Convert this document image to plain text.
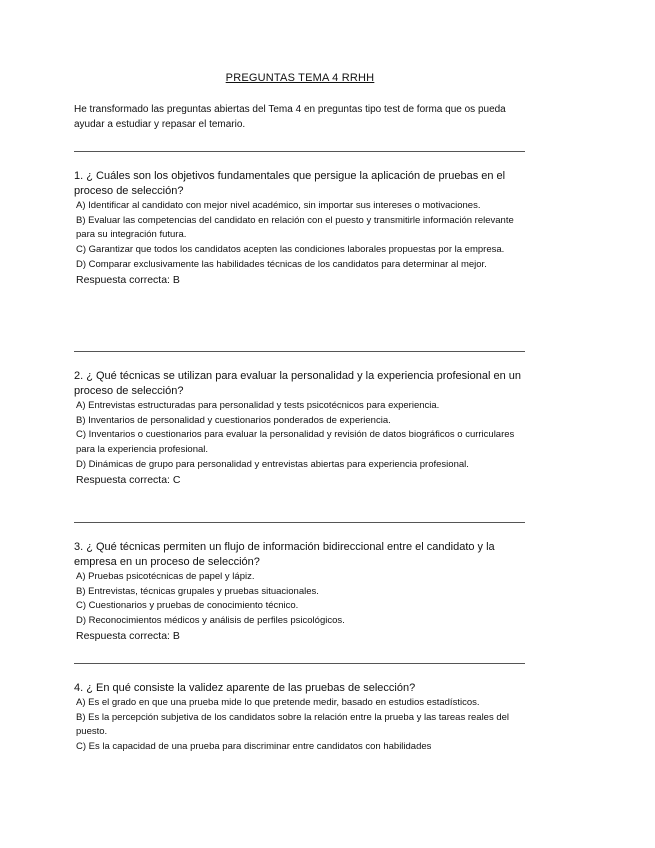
PREGUNTAS TEMA 4 RRHH
He transformado las preguntas abiertas del Tema 4 en preguntas tipo test de forma que os pueda ayudar a estudiar y repasar el temario.

1. ¿ Cuáles son los objetivos fundamentales que persigue la aplicación de pruebas en el proceso de selección?

A) Identificar al candidato con mejor nivel académico, sin importar sus intereses o motivaciones.

B) Evaluar las competencias del candidato en relación con el puesto y transmitirle información relevante para su integración futura.

C) Garantizar que todos los candidatos acepten las condiciones laborales propuestas por la empresa.

D) Comparar exclusivamente las habilidades técnicas de los candidatos para determinar al mejor.

Respuesta correcta: B

2. ¿ Qué técnicas se utilizan para evaluar la personalidad y la experiencia profesional en un proceso de selección?

A) Entrevistas estructuradas para personalidad y tests psicotécnicos para experiencia.

B) Inventarios de personalidad y cuestionarios ponderados de experiencia.

C) Inventarios o cuestionarios para evaluar la personalidad y revisión de datos biográficos o curriculares para la experiencia profesional.

D) Dinámicas de grupo para personalidad y entrevistas abiertas para experiencia profesional.

Respuesta correcta: C

3. ¿ Qué técnicas permiten un flujo de información bidireccional entre el candidato y la empresa en un proceso de selección?

A) Pruebas psicotécnicas de papel y lápiz.

B) Entrevistas, técnicas grupales y pruebas situacionales.

C) Cuestionarios y pruebas de conocimiento técnico.

D) Reconocimientos médicos y análisis de perfiles psicológicos.

Respuesta correcta: B

4. ¿ En qué consiste la validez aparente de las pruebas de selección?

A) Es el grado en que una prueba mide lo que pretende medir, basado en estudios estadísticos.

B) Es la percepción subjetiva de los candidatos sobre la relación entre la prueba y las tareas reales del puesto.

C) Es la capacidad de una prueba para discriminar entre candidatos con habilidades
